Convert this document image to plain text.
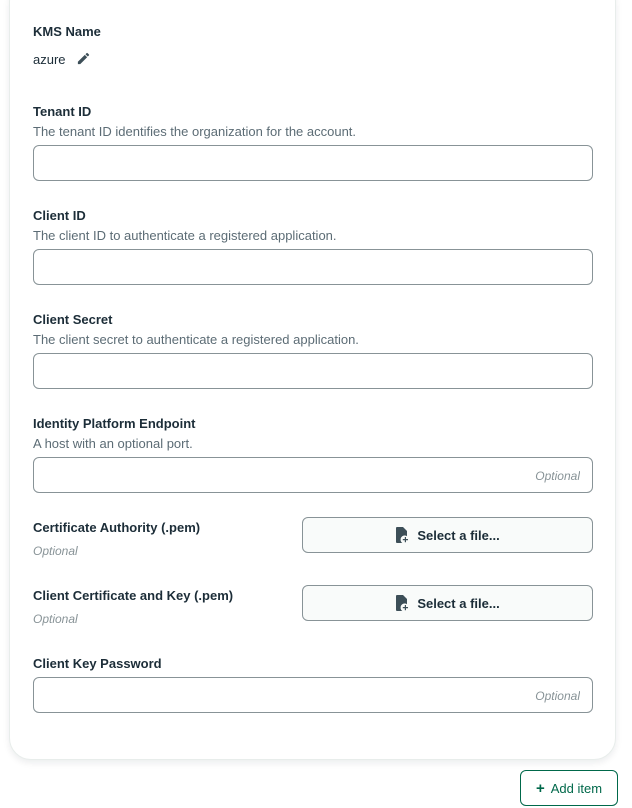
KMS Name
azure
Tenant ID
The tenant ID identifies the organization for the account.
Client ID
The client ID to authenticate a registered application.
Client Secret
The client secret to authenticate a registered application.
Identity Platform Endpoint
A host with an optional port.
Optional
Certificate Authority (.pem)
Optional
Select a file...
Client Certificate and Key (.pem)
Optional
Select a file...
Client Key Password
+ Add item
